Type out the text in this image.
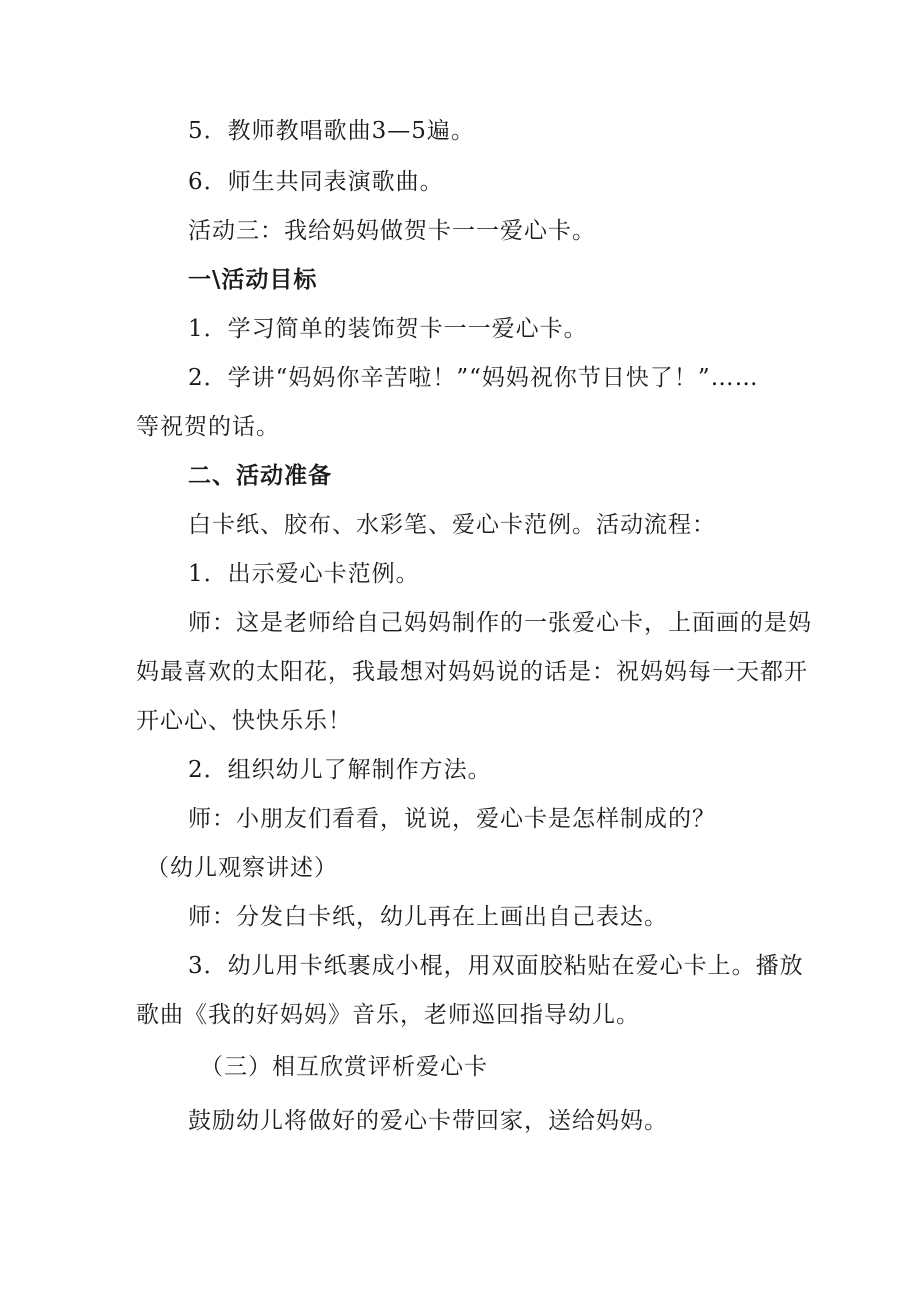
5．教师教唱歌曲3—5遍。
6．师生共同表演歌曲。
活动三：我给妈妈做贺卡一一爱心卡。
一\活动目标
1．学习简单的装饰贺卡一一爱心卡。
2．学讲“妈妈你辛苦啦！”“妈妈祝你节日快了！”……
等祝贺的话。
二、活动准备
白卡纸、胶布、水彩笔、爱心卡范例。活动流程：
1．出示爱心卡范例。
师：这是老师给自己妈妈制作的一张爱心卡，上面画的是妈
妈最喜欢的太阳花，我最想对妈妈说的话是：祝妈妈每一天都开
开心心、快快乐乐！
2．组织幼儿了解制作方法。
师：小朋友们看看，说说，爱心卡是怎样制成的？
（幼儿观察讲述）
师：分发白卡纸，幼儿再在上画出自己表达。
3．幼儿用卡纸裹成小棍，用双面胶粘贴在爱心卡上。播放
歌曲《我的好妈妈》音乐，老师巡回指导幼儿。
（三）相互欣赏评析爱心卡
鼓励幼儿将做好的爱心卡带回家，送给妈妈。
